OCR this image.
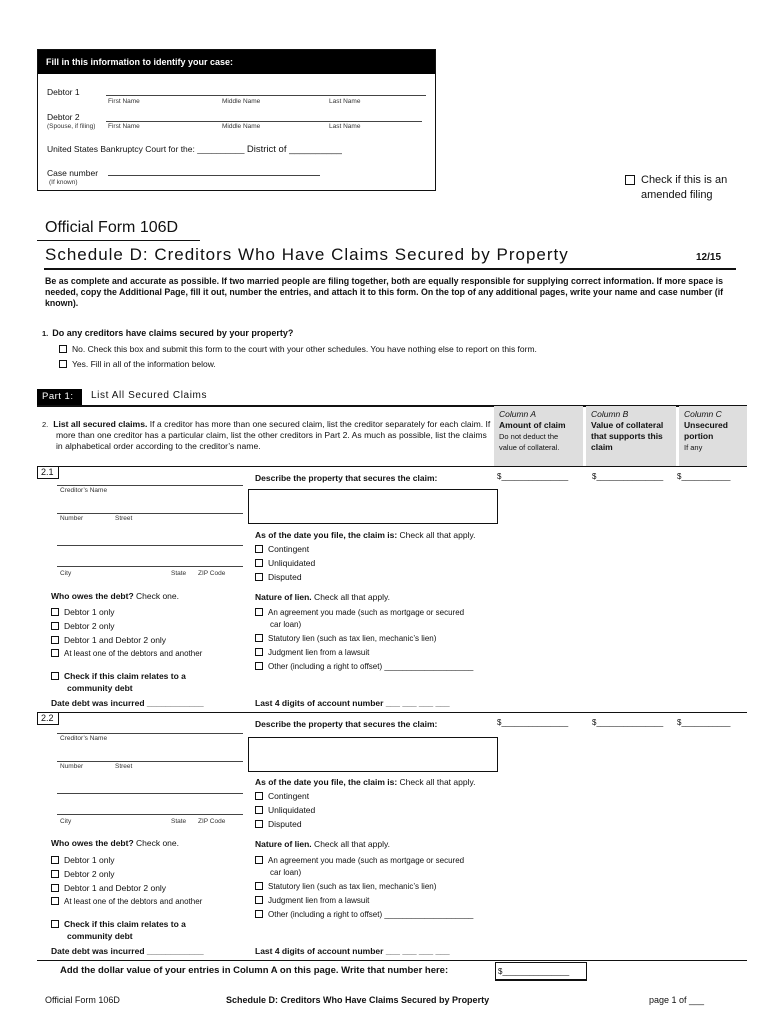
Fill in this information to identify your case:
Debtor 1
First Name	Middle Name	Last Name
Debtor 2
(Spouse, if filing) First Name	Middle Name	Last Name
United States Bankruptcy Court for the: __________ District of __________
Case number
(If known)	Check if this is an
amended filing
Official Form 106D
Schedule D: Creditors Who Have Claims Secured by Property	12/15
Be as complete and accurate as possible. If two married people are filing together, both are equally responsible for supplying correct information. If more space is needed, copy the Additional Page, fill it out, number the entries, and attach it to this form. On the top of any additional pages, write your name and case number (if known).
1. Do any creditors have claims secured by your property?
No. Check this box and submit this form to the court with your other schedules. You have nothing else to report on this form.
Yes. Fill in all of the information below.
Part 1:	List All Secured Claims
2. List all secured claims. If a creditor has more than one secured claim, list the creditor separately for each claim. If more than one creditor has a particular claim, list the other creditors in Part 2. As much as possible, list the claims in alphabetical order according to the creditor’s name.
Column A
Amount of claim
Do not deduct the value of collateral.
Column B
Value of collateral that supports this claim
Column C
Unsecured portion
If any
2.1
Creditor’s Name
Number	Street
City	State ZIP Code
Who owes the debt? Check one.
Debtor 1 only
Debtor 2 only
Debtor 1 and Debtor 2 only
At least one of the debtors and another
Check if this claim relates to a
community debt
Date debt was incurred ____________
Describe the property that secures the claim:
As of the date you file, the claim is: Check all that apply.
Contingent
Unliquidated
Disputed
Nature of lien. Check all that apply.
An agreement you made (such as mortgage or secured
car loan)
Statutory lien (such as tax lien, mechanic’s lien)
Judgment lien from a lawsuit
Other (including a right to offset) ____________________
Last 4 digits of account number ___ ___ ___ ___
$_______________	$_______________ $___________
2.2
Creditor’s Name
Number	Street
City	State ZIP Code
Who owes the debt? Check one.
Debtor 1 only
Debtor 2 only
Debtor 1 and Debtor 2 only
At least one of the debtors and another
Check if this claim relates to a
community debt
Date debt was incurred ____________
Describe the property that secures the claim:
As of the date you file, the claim is: Check all that apply.
Contingent
Unliquidated
Disputed
Nature of lien. Check all that apply.
An agreement you made (such as mortgage or secured
car loan)
Statutory lien (such as tax lien, mechanic’s lien)
Judgment lien from a lawsuit
Other (including a right to offset) ____________________
Last 4 digits of account number ___ ___ ___ ___
$_______________	$_______________ $___________
Add the dollar value of your entries in Column A on this page. Write that number here:	$_______________
Official Form 106D	Schedule D: Creditors Who Have Claims Secured by Property	page 1 of ___
